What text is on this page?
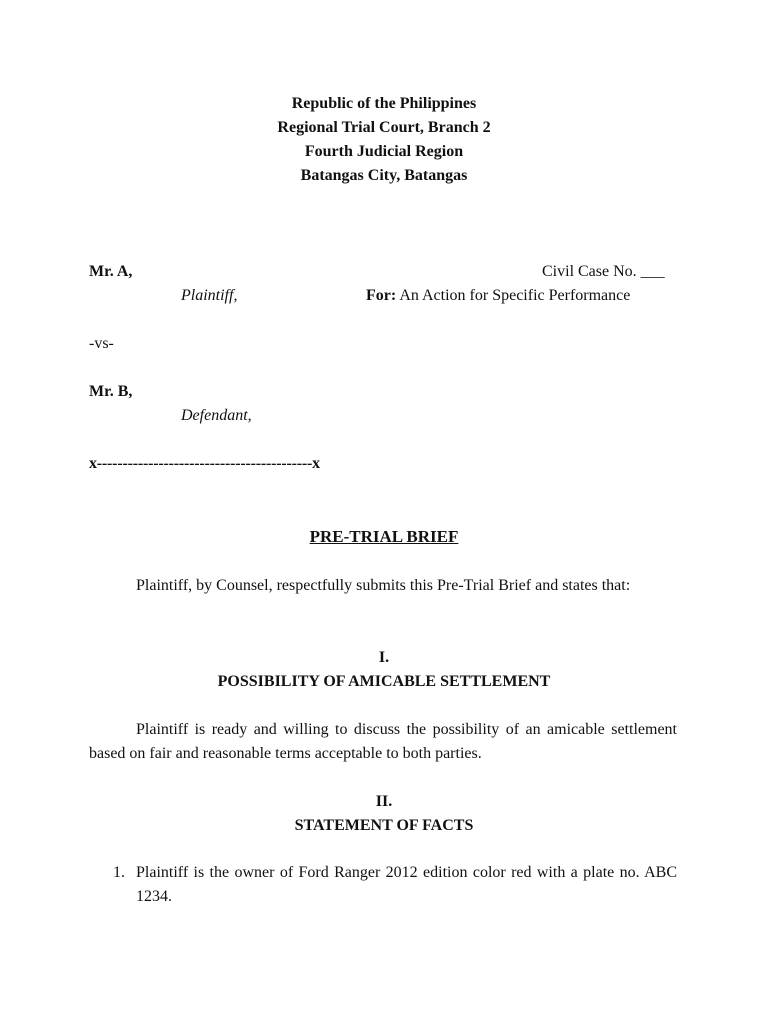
Republic of the Philippines
Regional Trial Court, Branch 2
Fourth Judicial Region
Batangas City, Batangas
Mr. A,	Civil Case No. ___
Plaintiff,	For: An Action for Specific Performance
-vs-
Mr. B,
Defendant,
x------------------------------------------x
PRE-TRIAL BRIEF
Plaintiff, by Counsel, respectfully submits this Pre-Trial Brief and states that:
I.
POSSIBILITY OF AMICABLE SETTLEMENT
Plaintiff is ready and willing to discuss the possibility of an amicable settlement based on fair and reasonable terms acceptable to both parties.
II.
STATEMENT OF FACTS
1. Plaintiff is the owner of Ford Ranger 2012 edition color red with a plate no. ABC 1234.
